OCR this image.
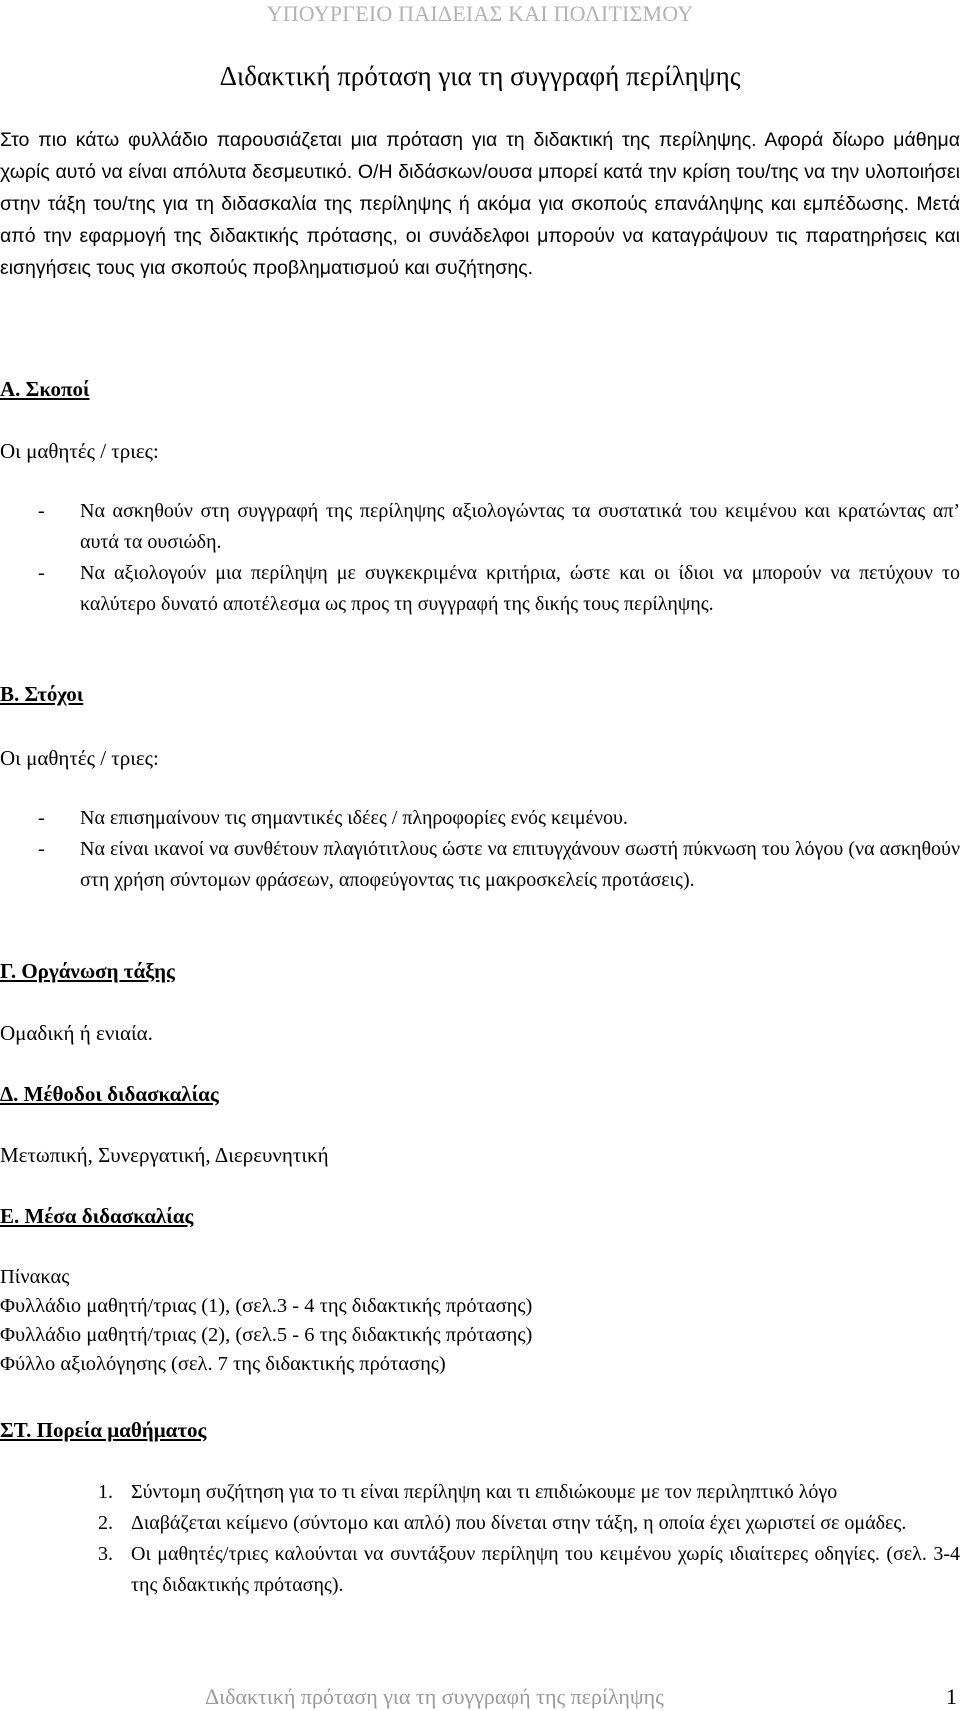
ΥΠΟΥΡΓΕΙΟ ΠΑΙΔΕΙΑΣ ΚΑΙ ΠΟΛΙΤΙΣΜΟΥ
Διδακτική πρόταση για τη συγγραφή περίληψης

Στο πιο κάτω φυλλάδιο παρουσιάζεται μια πρόταση για τη διδακτική της περίληψης. Αφορά δίωρο μάθημα χωρίς αυτό να είναι απόλυτα δεσμευτικό. Ο/Η διδάσκων/ουσα μπορεί κατά την κρίση του/της να την υλοποιήσει στην τάξη του/της για τη διδασκαλία της περίληψης ή ακόμα για σκοπούς επανάληψης και εμπέδωσης. Μετά από την εφαρμογή της διδακτικής πρότασης, οι συνάδελφοι μπορούν να καταγράψουν τις παρατηρήσεις και εισηγήσεις τους για σκοπούς προβληματισμού και συζήτησης.

Α. Σκοποί
Οι μαθητές / τριες:
- Να ασκηθούν στη συγγραφή της περίληψης αξιολογώντας τα συστατικά του κειμένου και κρατώντας απ’ αυτά τα ουσιώδη.
- Να αξιολογούν μια περίληψη με συγκεκριμένα κριτήρια, ώστε και οι ίδιοι να μπορούν να πετύχουν το καλύτερο δυνατό αποτέλεσμα ως προς τη συγγραφή της δικής τους περίληψης.
Β. Στόχοι
Οι μαθητές / τριες:
- Να επισημαίνουν τις σημαντικές ιδέες / πληροφορίες ενός κειμένου.
- Να είναι ικανοί να συνθέτουν πλαγιότιτλους ώστε να επιτυγχάνουν σωστή πύκνωση του λόγου (να ασκηθούν στη χρήση σύντομων φράσεων, αποφεύγοντας τις μακροσκελείς προτάσεις).
Γ. Οργάνωση τάξης
Ομαδική ή ενιαία.
Δ. Μέθοδοι διδασκαλίας
Μετωπική, Συνεργατική, Διερευνητική
Ε. Μέσα διδασκαλίας
Πίνακας
Φυλλάδιο μαθητή/τριας (1), (σελ.3 - 4 της διδακτικής πρότασης)
Φυλλάδιο μαθητή/τριας (2), (σελ.5 - 6 της διδακτικής πρότασης)
Φύλλο αξιολόγησης (σελ. 7 της διδακτικής πρότασης)
ΣΤ. Πορεία μαθήματος
1. Σύντομη συζήτηση για το τι είναι περίληψη και τι επιδιώκουμε με τον περιληπτικό λόγο
2. Διαβάζεται κείμενο (σύντομο και απλό) που δίνεται στην τάξη, η οποία έχει χωριστεί σε ομάδες.
3. Οι μαθητές/τριες καλούνται να συντάξουν περίληψη του κειμένου χωρίς ιδιαίτερες οδηγίες. (σελ. 3-4 της διδακτικής πρότασης).
Διδακτική πρόταση για τη συγγραφή της περίληψης	1
